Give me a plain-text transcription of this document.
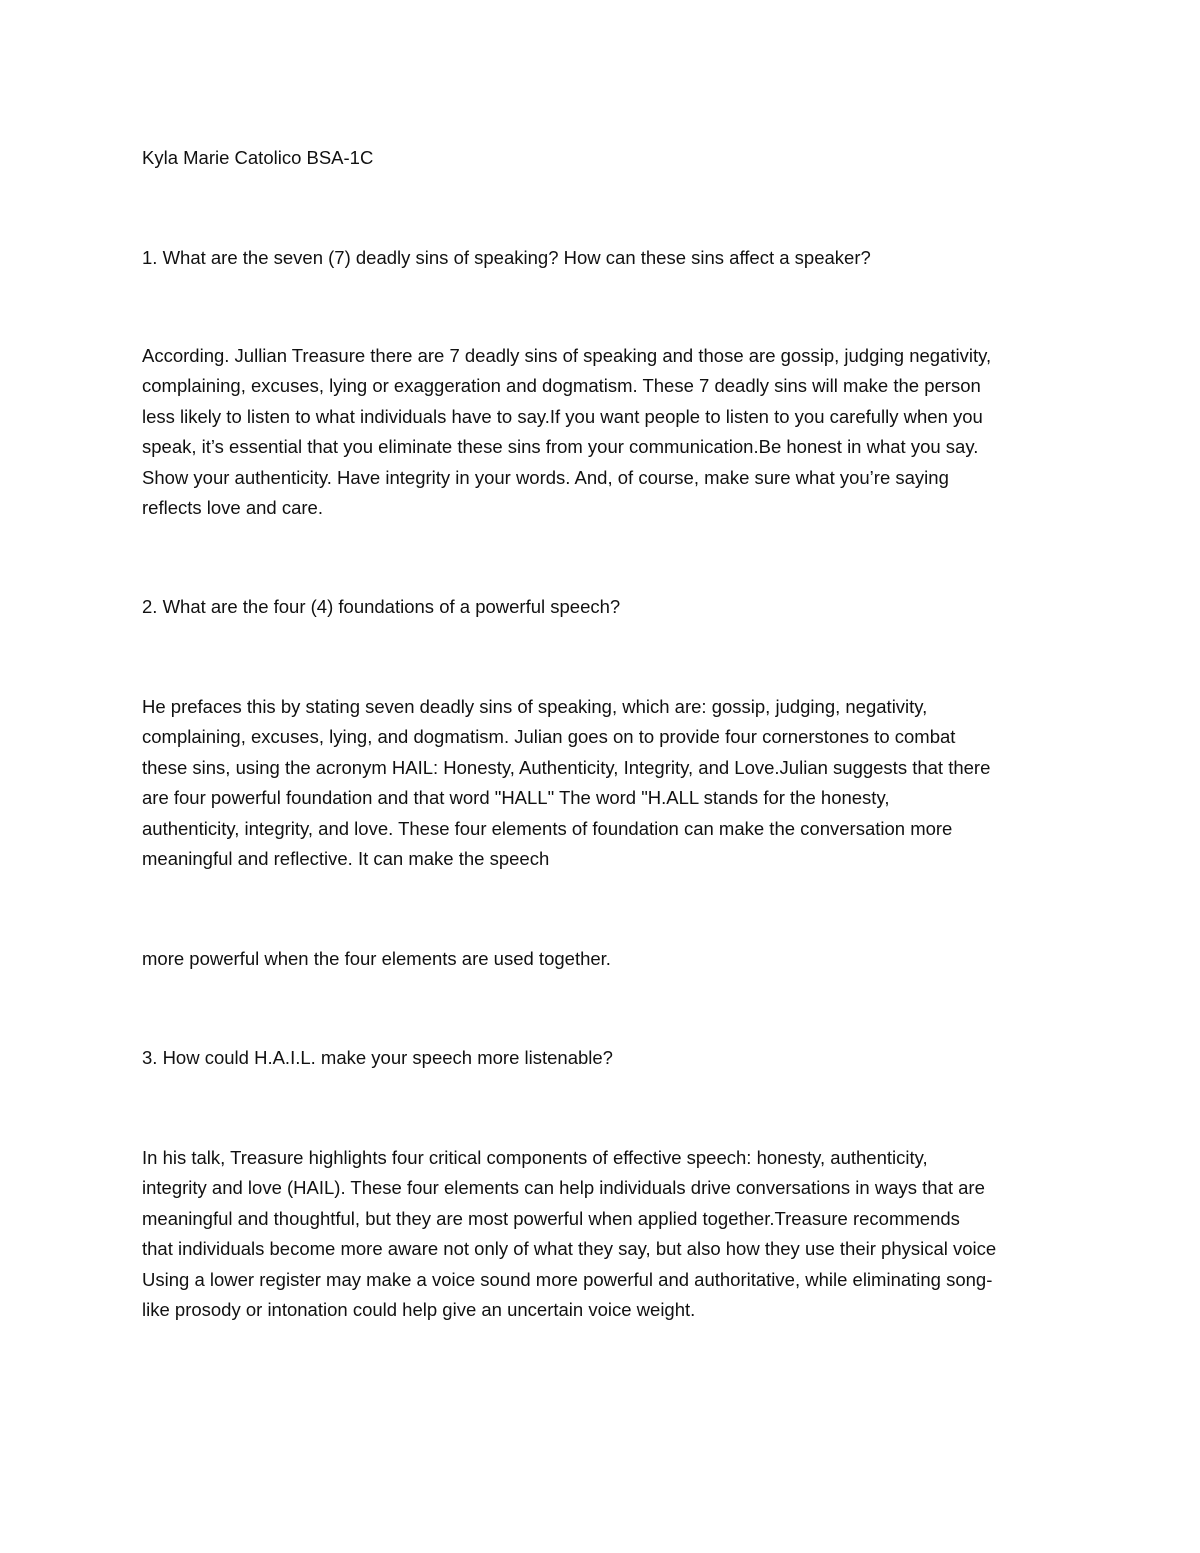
Kyla Marie Catolico BSA-1C

1. What are the seven (7) deadly sins of speaking? How can these sins affect a speaker?

According. Jullian Treasure there are 7 deadly sins of speaking and those are gossip, judging negativity,
complaining, excuses, lying or exaggeration and dogmatism. These 7 deadly sins will make the person
less likely to listen to what individuals have to say.If you want people to listen to you carefully when you
speak, it’s essential that you eliminate these sins from your communication.Be honest in what you say.
Show your authenticity. Have integrity in your words. And, of course, make sure what you’re saying
reflects love and care.

2. What are the four (4) foundations of a powerful speech?

He prefaces this by stating seven deadly sins of speaking, which are: gossip, judging, negativity,
complaining, excuses, lying, and dogmatism. Julian goes on to provide four cornerstones to combat
these sins, using the acronym HAIL: Honesty, Authenticity, Integrity, and Love.Julian suggests that there
are four powerful foundation and that word "HALL" The word "H.ALL stands for the honesty,
authenticity, integrity, and love. These four elements of foundation can make the conversation more
meaningful and reflective. It can make the speech

more powerful when the four elements are used together.

3. How could H.A.I.L. make your speech more listenable?

In his talk, Treasure highlights four critical components of effective speech: honesty, authenticity,
integrity and love (HAIL). These four elements can help individuals drive conversations in ways that are
meaningful and thoughtful, but they are most powerful when applied together.Treasure recommends
that individuals become more aware not only of what they say, but also how they use their physical voice
Using a lower register may make a voice sound more powerful and authoritative, while eliminating song-
like prosody or intonation could help give an uncertain voice weight.
